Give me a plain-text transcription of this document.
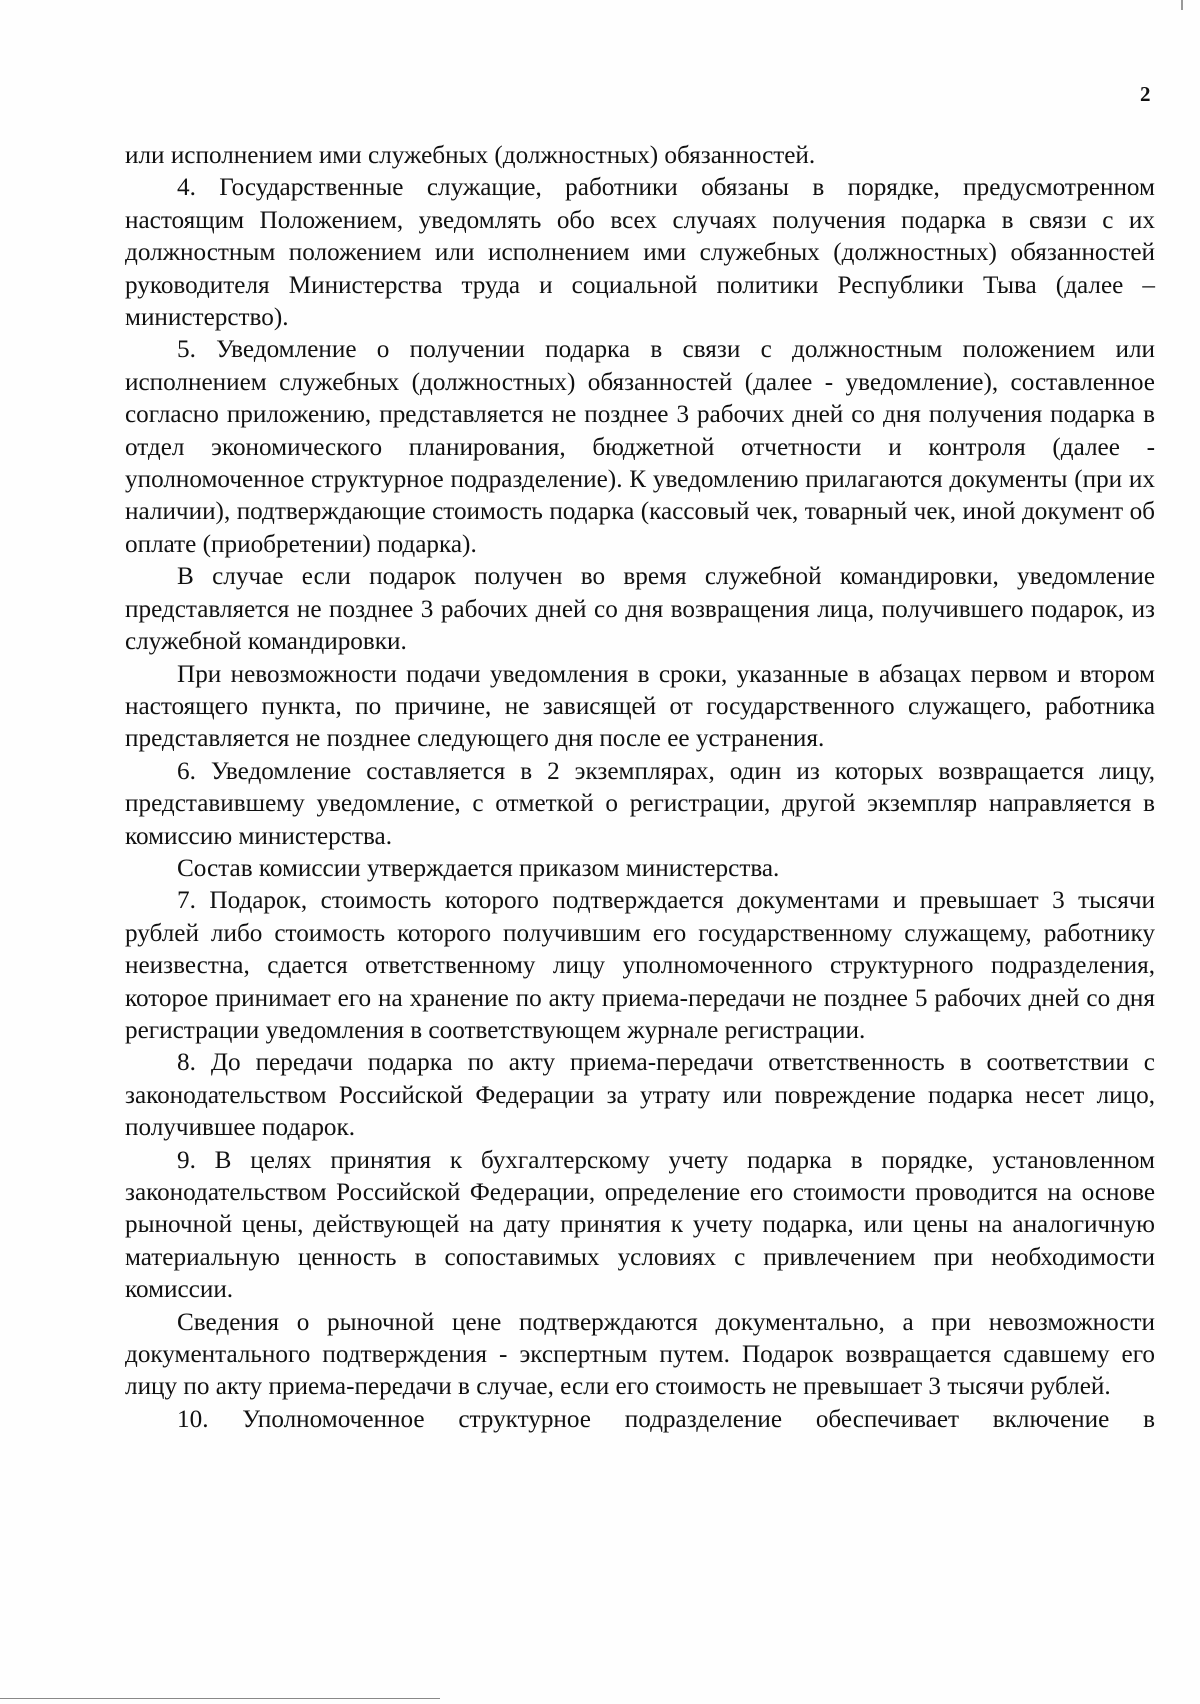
2

или исполнением ими служебных (должностных) обязанностей.

4. Государственные служащие, работники обязаны в порядке, предусмотренном настоящим Положением, уведомлять обо всех случаях получения подарка в связи с их должностным положением или исполнением ими служебных (должностных) обязанностей руководителя Министерства труда и социальной политики Республики Тыва (далее – министерство).

5. Уведомление о получении подарка в связи с должностным положением или исполнением служебных (должностных) обязанностей (далее - уведомление), составленное согласно приложению, представляется не позднее 3 рабочих дней со дня получения подарка в отдел экономического планирования, бюджетной отчетности и контроля (далее - уполномоченное структурное подразделение). К уведомлению прилагаются документы (при их наличии), подтверждающие стоимость подарка (кассовый чек, товарный чек, иной документ об оплате (приобретении) подарка).

В случае если подарок получен во время служебной командировки, уведомление представляется не позднее 3 рабочих дней со дня возвращения лица, получившего подарок, из служебной командировки.

При невозможности подачи уведомления в сроки, указанные в абзацах первом и втором настоящего пункта, по причине, не зависящей от государственного служащего, работника представляется не позднее следующего дня после ее устранения.

6. Уведомление составляется в 2 экземплярах, один из которых возвращается лицу, представившему уведомление, с отметкой о регистрации, другой экземпляр направляется в комиссию министерства.

Состав комиссии утверждается приказом министерства.

7. Подарок, стоимость которого подтверждается документами и превышает 3 тысячи рублей либо стоимость которого получившим его государственному служащему, работнику неизвестна, сдается ответственному лицу уполномоченного структурного подразделения, которое принимает его на хранение по акту приема-передачи не позднее 5 рабочих дней со дня регистрации уведомления в соответствующем журнале регистрации.

8. До передачи подарка по акту приема-передачи ответственность в соответствии с законодательством Российской Федерации за утрату или повреждение подарка несет лицо, получившее подарок.

9. В целях принятия к бухгалтерскому учету подарка в порядке, установленном законодательством Российской Федерации, определение его стоимости проводится на основе рыночной цены, действующей на дату принятия к учету подарка, или цены на аналогичную материальную ценность в сопоставимых условиях с привлечением при необходимости комиссии.

Сведения о рыночной цене подтверждаются документально, а при невозможности документального подтверждения - экспертным путем. Подарок возвращается сдавшему его лицу по акту приема-передачи в случае, если его стоимость не превышает 3 тысячи рублей.

10. Уполномоченное структурное подразделение обеспечивает включение в
